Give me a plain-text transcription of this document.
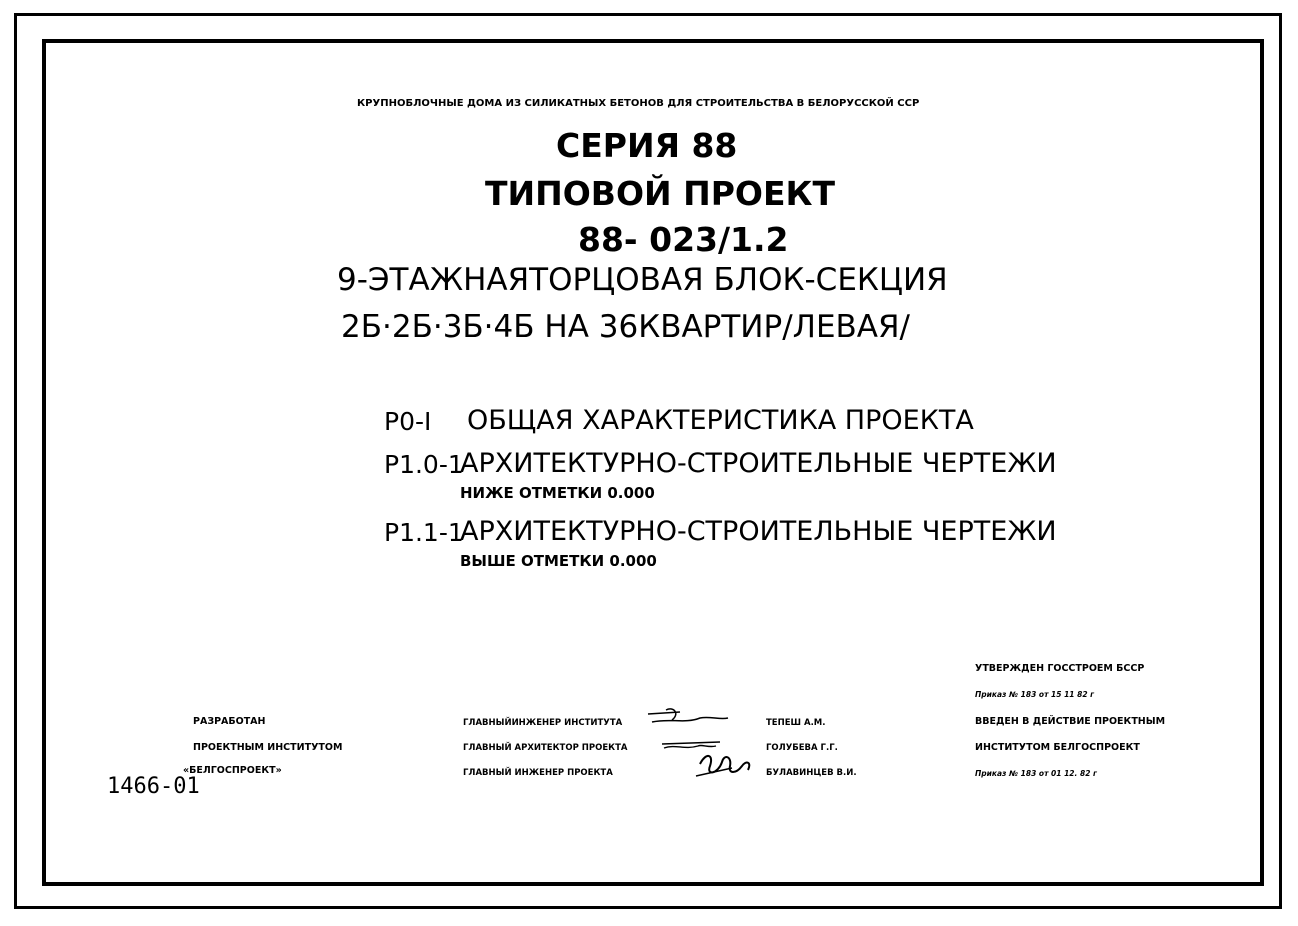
КРУПНОБЛОЧНЫЕ ДОМА ИЗ СИЛИКАТНЫХ БЕТОНОВ ДЛЯ СТРОИТЕЛЬСТВА В БЕЛОРУССКОЙ ССР
СЕРИЯ 88
ТИПОВОЙ ПРОЕКТ
88- 023/1.2
9-ЭТАЖНАЯТОРЦОВАЯ БЛОК-СЕКЦИЯ
2Б·2Б·3Б·4Б НА 36КВАРТИР/ЛЕВАЯ/
Р0-I ОБЩАЯ ХАРАКТЕРИСТИКА ПРОЕКТА
Р1.0-1
АРХИТЕКТУРНО-СТРОИТЕЛЬНЫЕ ЧЕРТЕЖИ
НИЖЕ ОТМЕТКИ 0.000
Р1.1-1
АРХИТЕКТУРНО-СТРОИТЕЛЬНЫЕ ЧЕРТЕЖИ
ВЫШЕ ОТМЕТКИ 0.000
РАЗРАБОТАН
ПРОЕКТНЫМ ИНСТИТУТОМ
«БЕЛГОСПРОЕКТ»
1466-01
ГЛАВНЫЙИНЖЕНЕР ИНСТИТУТА
ГЛАВНЫЙ АРХИТЕКТОР ПРОЕКТА
ГЛАВНЫЙ ИНЖЕНЕР ПРОЕКТА
ТЕПЕШ А.М.
ГОЛУБЕВА Г.Г.
БУЛАВИНЦЕВ В.И.
УТВЕРЖДЕН ГОССТРОЕМ БССР
Приказ № 183 от 15 11 82 г
ВВЕДЕН В ДЕЙСТВИЕ ПРОЕКТНЫМ
ИНСТИТУТОМ БЕЛГОСПРОЕКТ
Приказ № 183 от 01 12. 82 г
